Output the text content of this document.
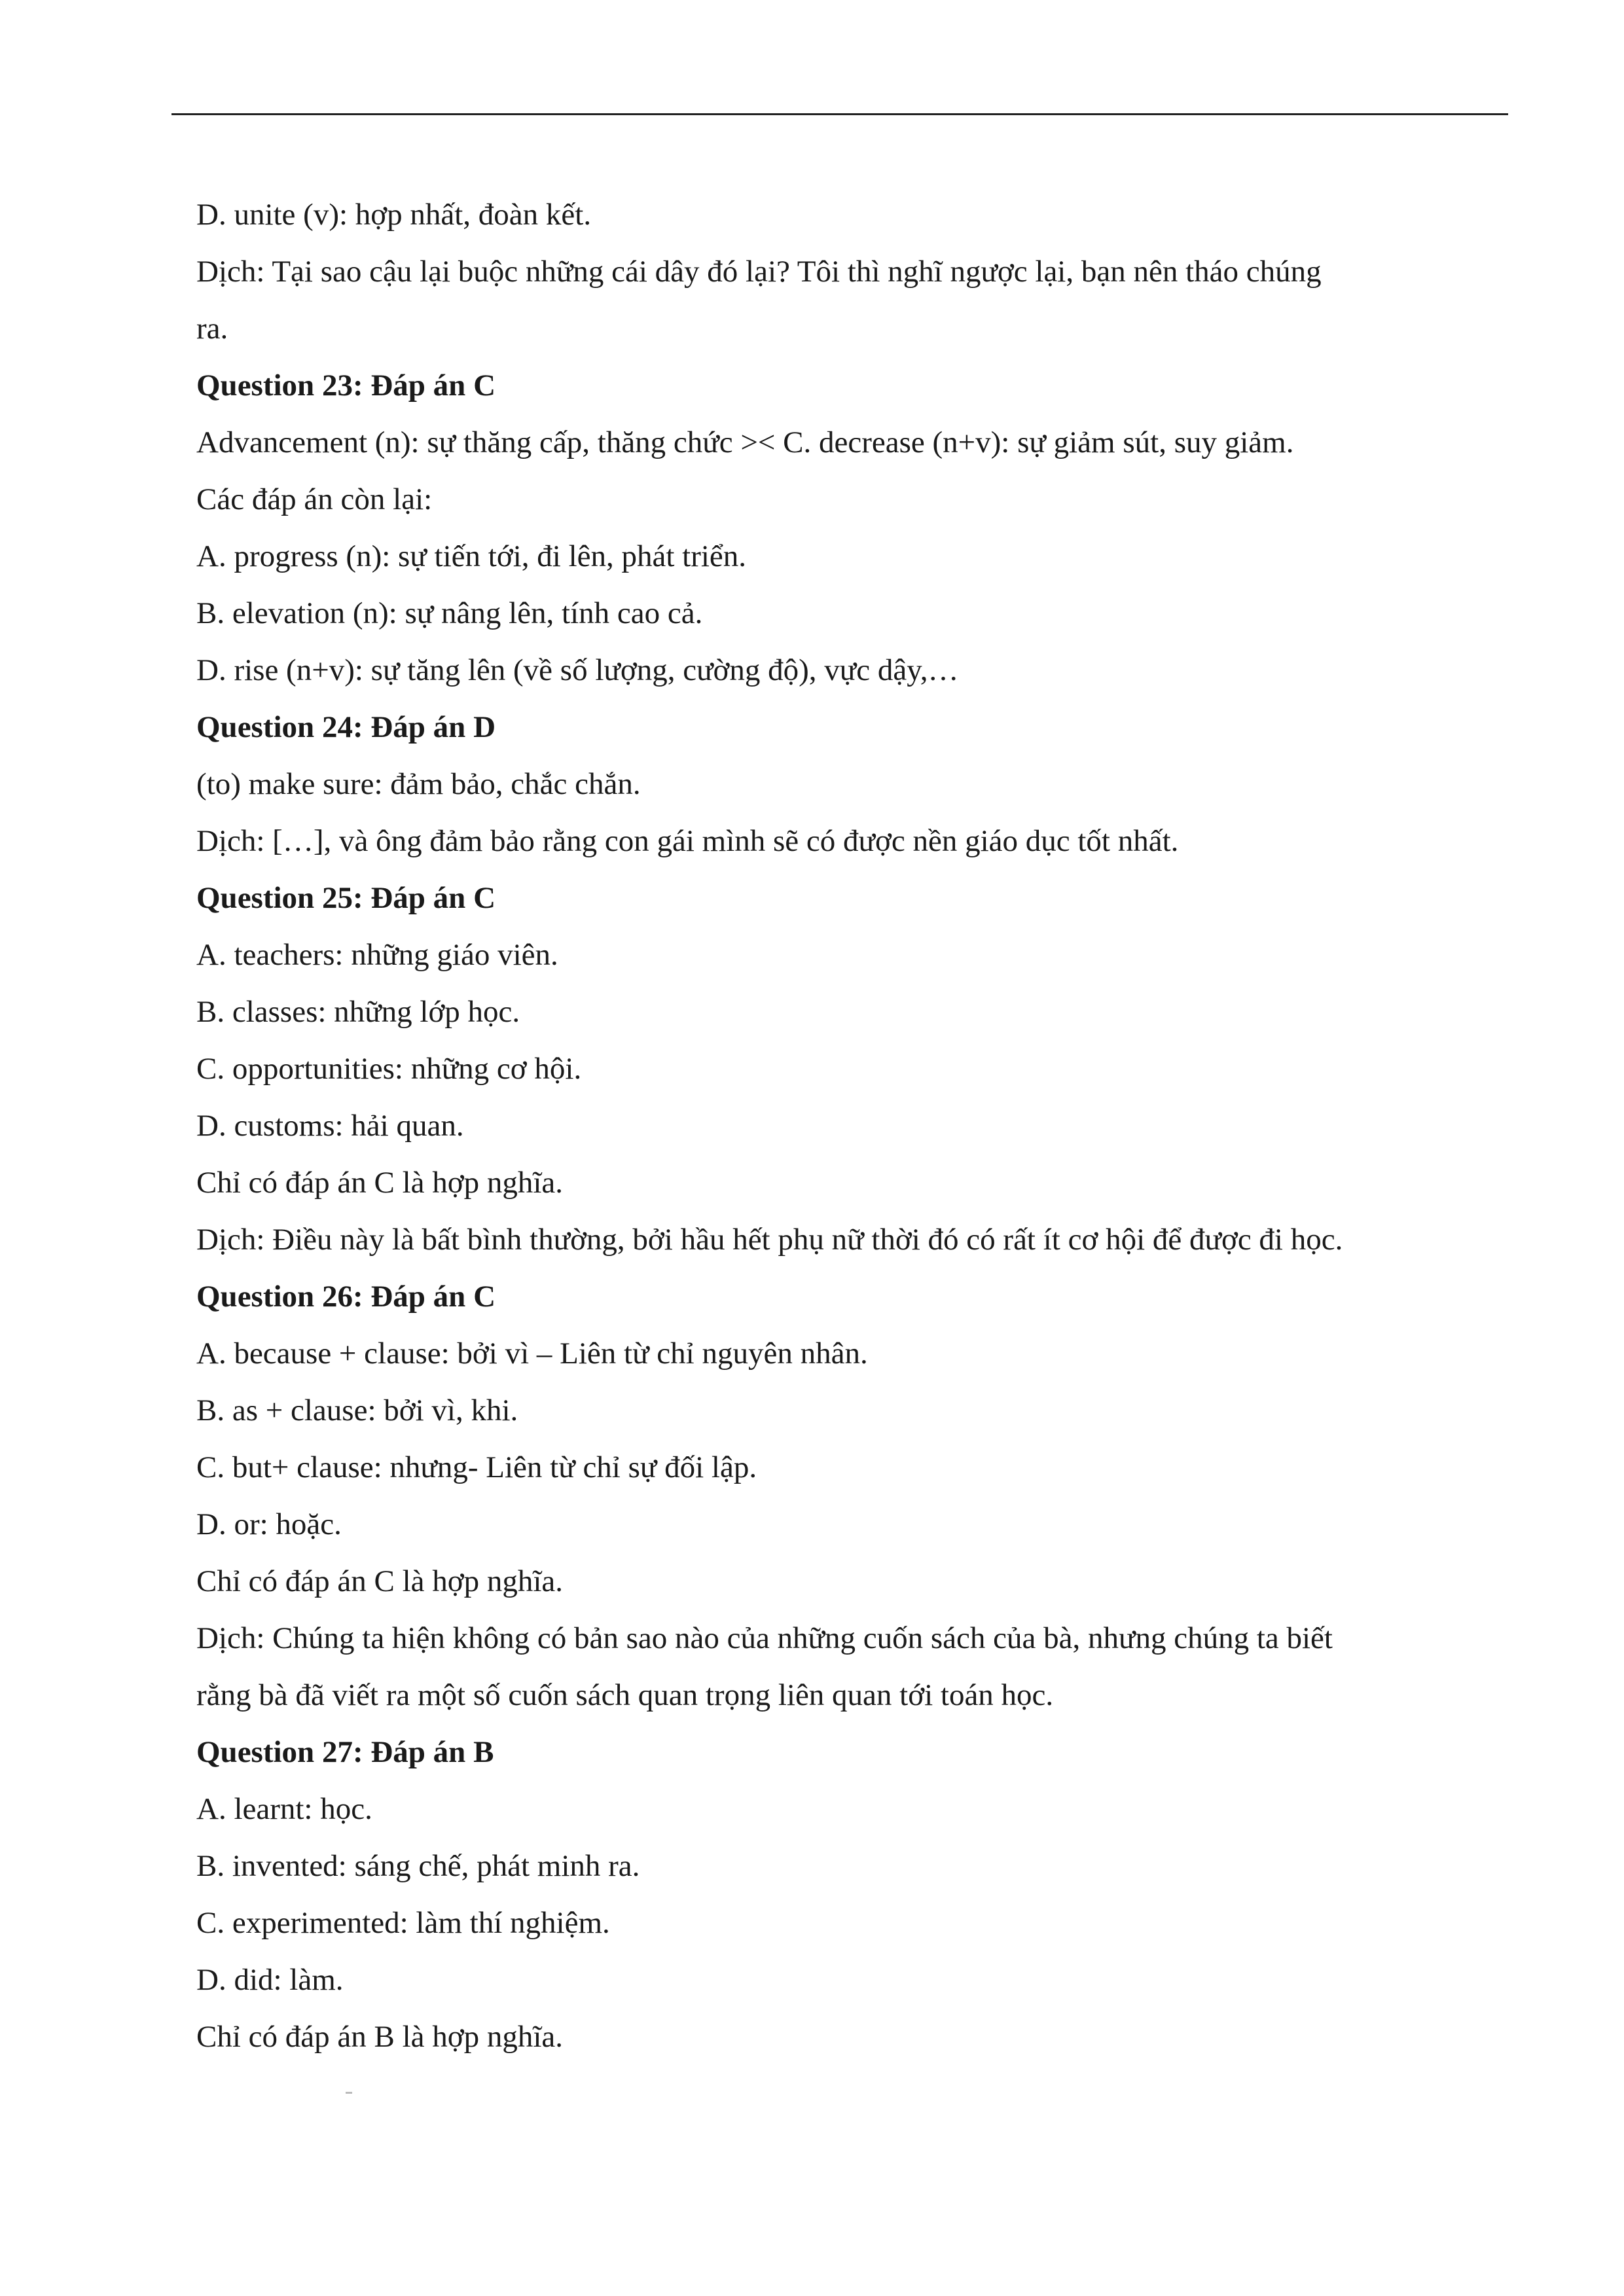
D. unite (v): hợp nhất, đoàn kết.

Dịch: Tại sao cậu lại buộc những cái dây đó lại? Tôi thì nghĩ ngược lại, bạn nên tháo chúng

ra.

Question 23: Đáp án C

Advancement (n): sự thăng cấp, thăng chức >< C. decrease (n+v): sự giảm sút, suy giảm.

Các đáp án còn lại:

A. progress (n): sự tiến tới, đi lên, phát triển.

B. elevation (n): sự nâng lên, tính cao cả.

D. rise (n+v): sự tăng lên (về số lượng, cường độ), vực dậy,…

Question 24: Đáp án D

(to) make sure: đảm bảo, chắc chắn.

Dịch: […], và ông đảm bảo rằng con gái mình sẽ có được nền giáo dục tốt nhất.

Question 25: Đáp án C

A. teachers: những giáo viên.

B. classes: những lớp học.

C. opportunities: những cơ hội.

D. customs: hải quan.

Chỉ có đáp án C là hợp nghĩa.

Dịch: Điều này là bất bình thường, bởi hầu hết phụ nữ thời đó có rất ít cơ hội để được đi học.

Question 26: Đáp án C

A. because + clause: bởi vì – Liên từ chỉ nguyên nhân.

B. as + clause: bởi vì, khi.

C. but+ clause: nhưng- Liên từ chỉ sự đối lập.

D. or: hoặc.

Chỉ có đáp án C là hợp nghĩa.

Dịch: Chúng ta hiện không có bản sao nào của những cuốn sách của bà, nhưng chúng ta biết

rằng bà đã viết ra một số cuốn sách quan trọng liên quan tới toán học.

Question 27: Đáp án B

A. learnt: học.

B. invented: sáng chế, phát minh ra.

C. experimented: làm thí nghiệm.

D. did: làm.

Chỉ có đáp án B là hợp nghĩa.
